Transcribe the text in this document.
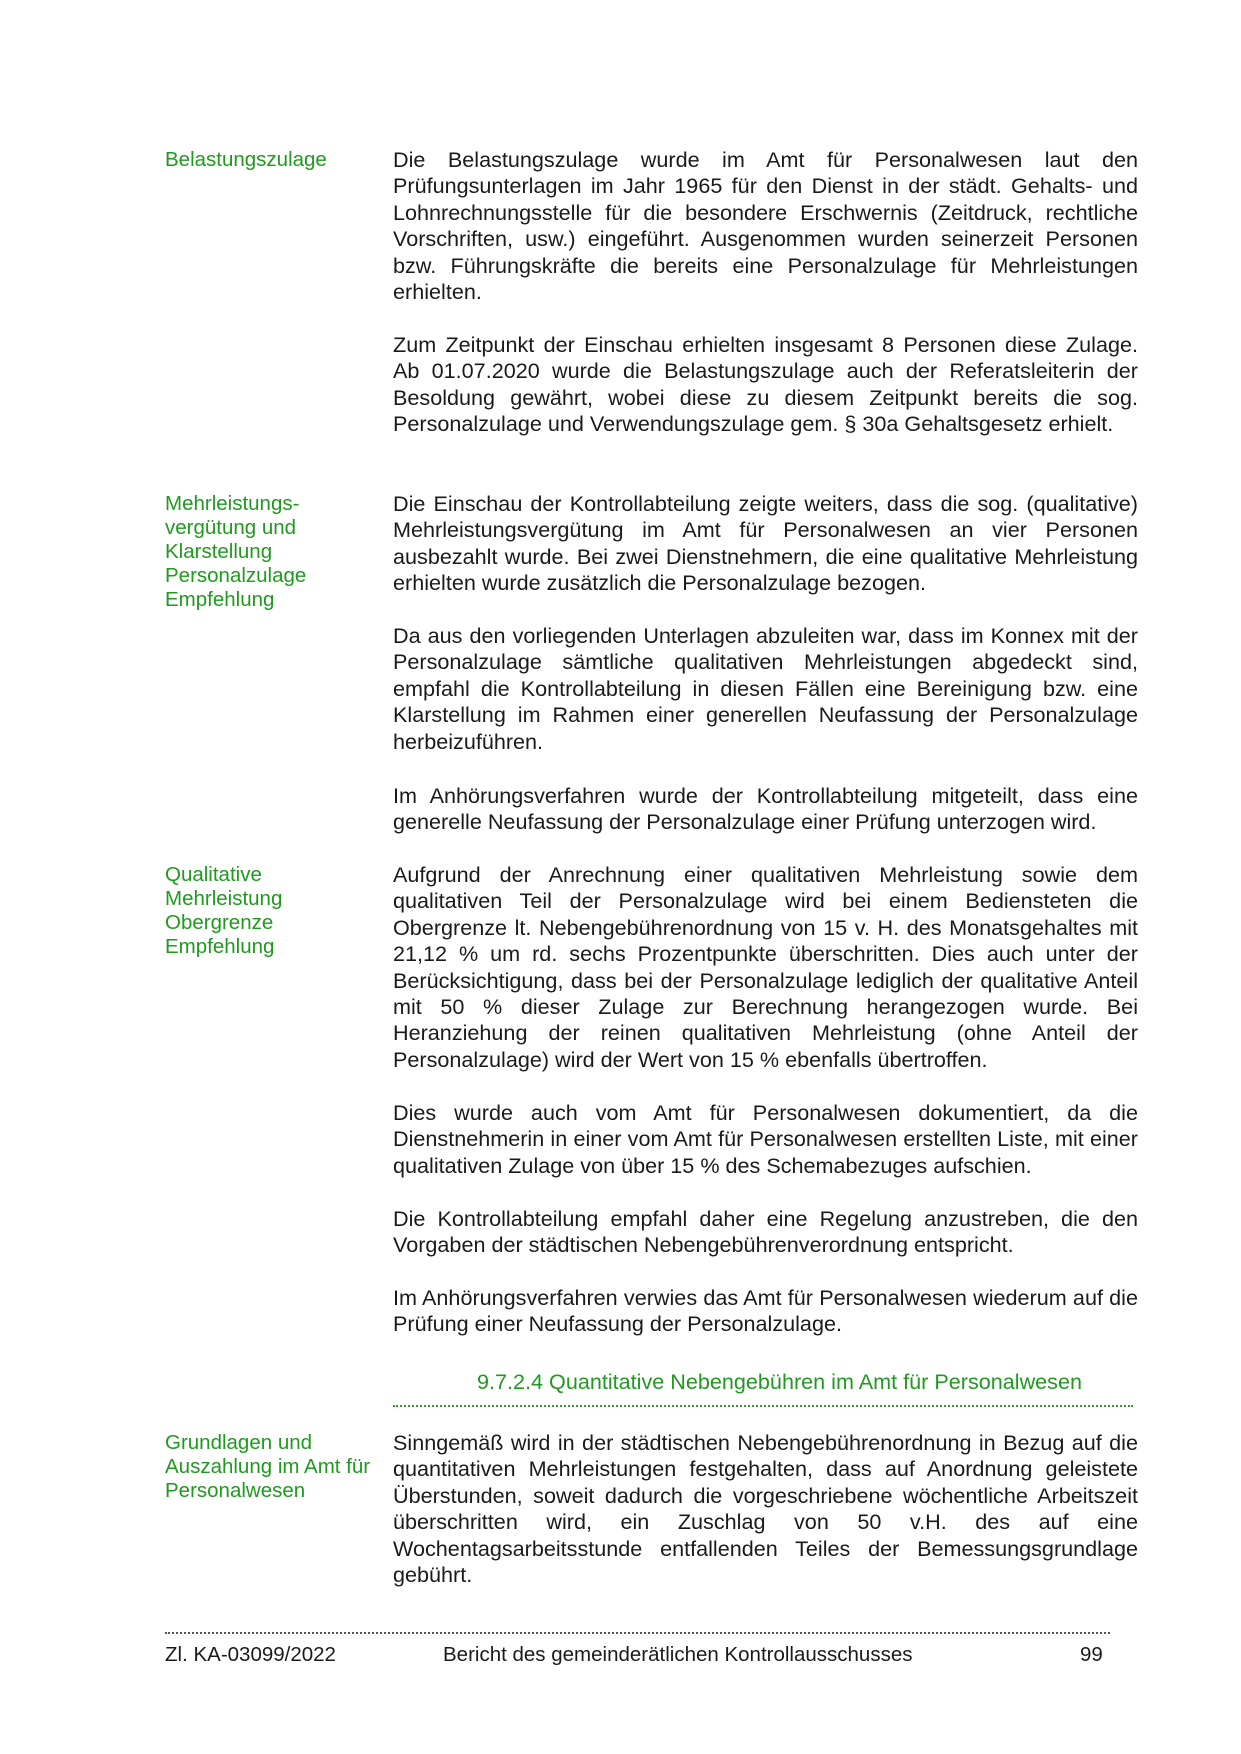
Belastungszulage	Die Belastungszulage wurde im Amt für Personalwesen laut den Prüfungsunterlagen im Jahr 1965 für den Dienst in der städt. Gehalts- und Lohnrechnungsstelle für die besondere Erschwernis (Zeitdruck, rechtliche Vorschriften, usw.) eingeführt. Ausgenommen wurden seinerzeit Personen bzw. Führungskräfte die bereits eine Personalzulage für Mehrleistungen erhielten.
Zum Zeitpunkt der Einschau erhielten insgesamt 8 Personen diese Zulage. Ab 01.07.2020 wurde die Belastungszulage auch der Referatsleiterin der Besoldung gewährt, wobei diese zu diesem Zeitpunkt bereits die sog. Personalzulage und Verwendungszulage gem. § 30a Gehaltsgesetz erhielt.
Mehrleistungs-
vergütung und
Klarstellung
Personalzulage
Empfehlung
Die Einschau der Kontrollabteilung zeigte weiters, dass die sog. (qualitative) Mehrleistungsvergütung im Amt für Personalwesen an vier Personen ausbezahlt wurde. Bei zwei Dienstnehmern, die eine qualitative Mehrleistung erhielten wurde zusätzlich die Personalzulage bezogen.
Da aus den vorliegenden Unterlagen abzuleiten war, dass im Konnex mit der Personalzulage sämtliche qualitativen Mehrleistungen abgedeckt sind, empfahl die Kontrollabteilung in diesen Fällen eine Bereinigung bzw. eine Klarstellung im Rahmen einer generellen Neufassung der Personalzulage herbeizuführen.
Im Anhörungsverfahren wurde der Kontrollabteilung mitgeteilt, dass eine generelle Neufassung der Personalzulage einer Prüfung unterzogen wird.
Qualitative
Mehrleistung
Obergrenze
Empfehlung
Aufgrund der Anrechnung einer qualitativen Mehrleistung sowie dem qualitativen Teil der Personalzulage wird bei einem Bediensteten die Obergrenze lt. Nebengebührenordnung von 15 v. H. des Monatsgehaltes mit 21,12 % um rd. sechs Prozentpunkte überschritten. Dies auch unter der Berücksichtigung, dass bei der Personalzulage lediglich der qualitative Anteil mit 50 % dieser Zulage zur Berechnung herangezogen wurde. Bei Heranziehung der reinen qualitativen Mehrleistung (ohne Anteil der Personalzulage) wird der Wert von 15 % ebenfalls übertroffen.
Dies wurde auch vom Amt für Personalwesen dokumentiert, da die Dienstnehmerin in einer vom Amt für Personalwesen erstellten Liste, mit einer qualitativen Zulage von über 15 % des Schemabezuges aufschien.
Die Kontrollabteilung empfahl daher eine Regelung anzustreben, die den Vorgaben der städtischen Nebengebührenverordnung entspricht.
Im Anhörungsverfahren verwies das Amt für Personalwesen wiederum auf die Prüfung einer Neufassung der Personalzulage.
9.7.2.4 Quantitative Nebengebühren im Amt für Personalwesen
Grundlagen und
Auszahlung im Amt für
Personalwesen
Sinngemäß wird in der städtischen Nebengebührenordnung in Bezug auf die quantitativen Mehrleistungen festgehalten, dass auf Anordnung geleistete Überstunden, soweit dadurch die vorgeschriebene wöchentliche Arbeitszeit überschritten wird, ein Zuschlag von 50 v.H. des auf eine Wochentagsarbeitsstunde entfallenden Teiles der Bemessungsgrundlage gebührt.
Zl. KA-03099/2022	Bericht des gemeinderätlichen Kontrollausschusses	99
